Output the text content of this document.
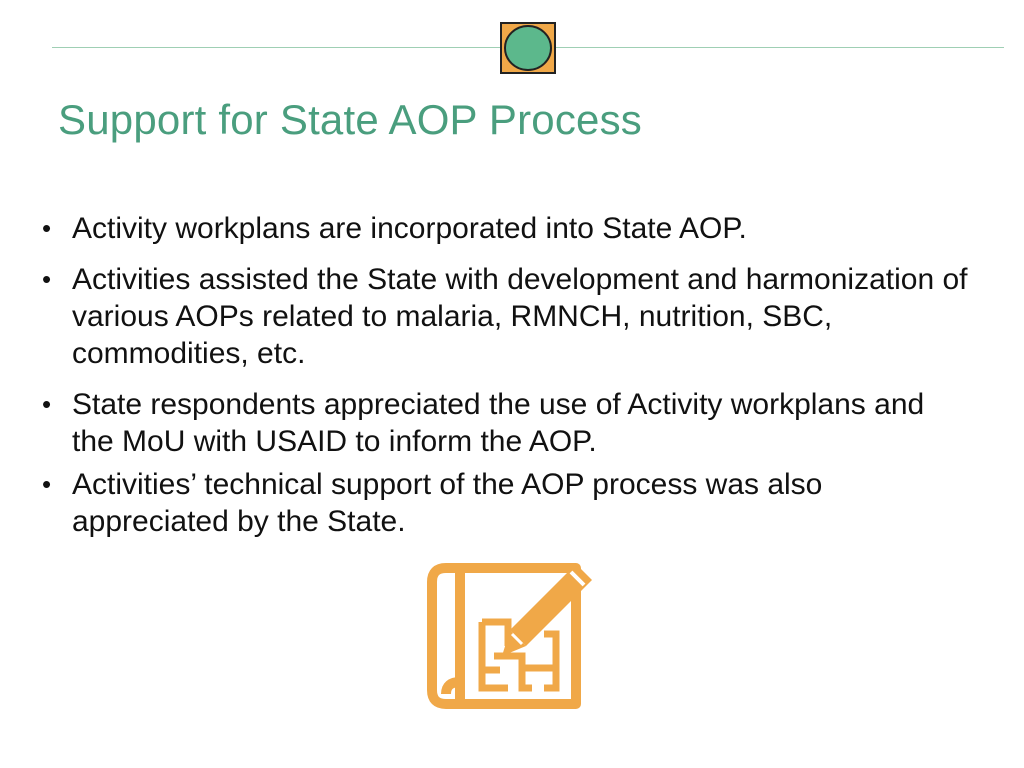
Support for State AOP Process
• Activity workplans are incorporated into State AOP.
• Activities assisted the State with development and harmonization of various AOPs related to malaria, RMNCH, nutrition, SBC, commodities, etc.
• State respondents appreciated the use of Activity workplans and the MoU with USAID to inform the AOP.
• Activities’ technical support of the AOP process was also appreciated by the State.
